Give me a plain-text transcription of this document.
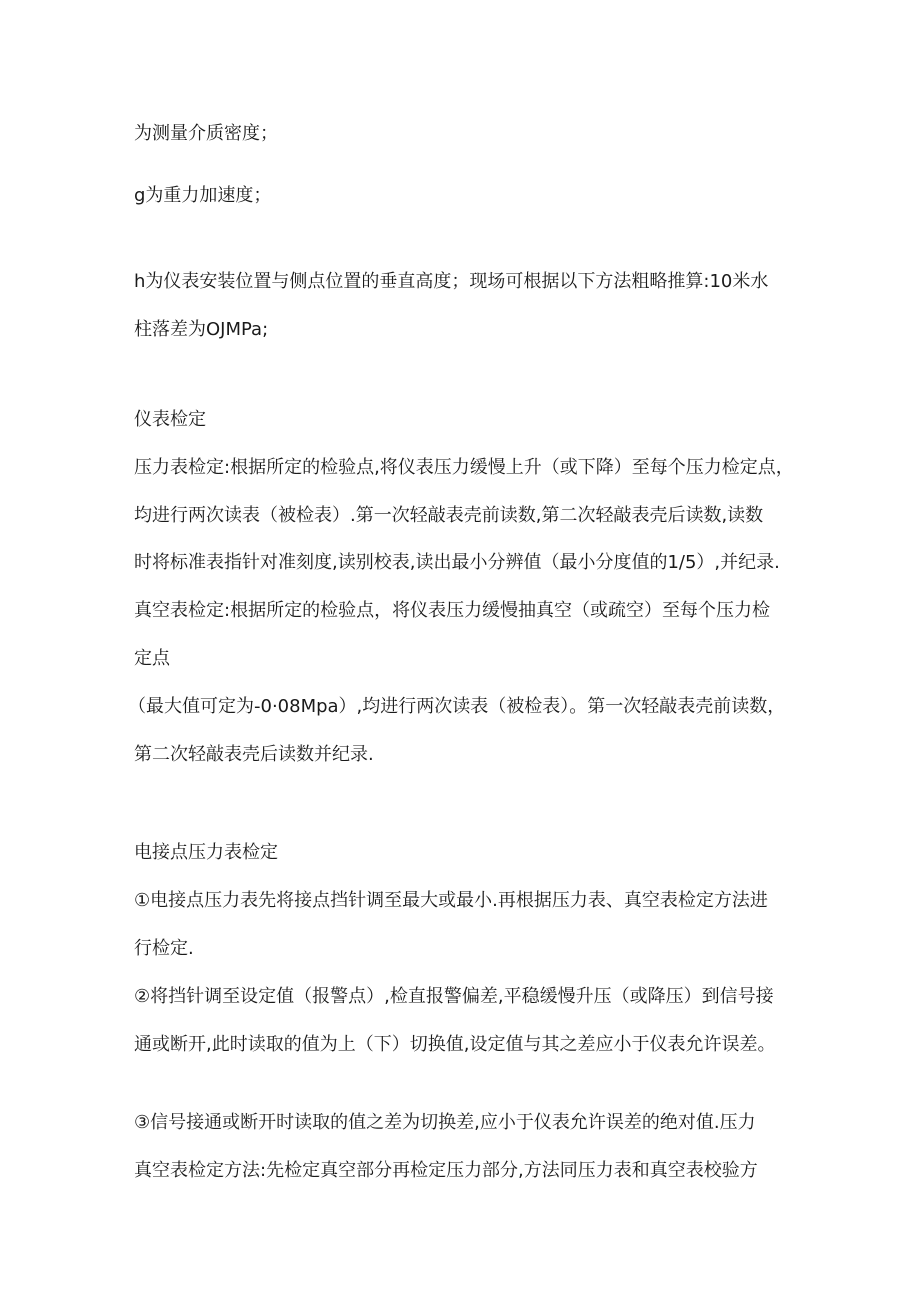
为测量介质密度；
g为重力加速度；
h为仪表安装位置与侧点位置的垂直高度；现场可根据以下方法粗略推算:10米水
柱落差为OJMPa;
仪表检定
压力表检定:根据所定的检验点,将仪表压力缓慢上升（或下降）至每个压力检定点，
均进行两次读表（被检表）.第一次轻敲表壳前读数,第二次轻敲表壳后读数,读数
时将标准表指针对准刻度,读别校表,读出最小分辨值（最小分度值的1/5）,并纪录.
真空表检定:根据所定的检验点，将仪表压力缓慢抽真空（或疏空）至每个压力检
定点
（最大值可定为-0·08Mpa）,均进行两次读表（被检表）。第一次轻敲表壳前读数，
第二次轻敲表壳后读数并纪录.
电接点压力表检定
①电接点压力表先将接点挡针调至最大或最小.再根据压力表、真空表检定方法进
行检定.
②将挡针调至设定值（报警点）,检直报警偏差,平稳缓慢升压（或降压）到信号接
通或断开,此时读取的值为上（下）切换值,设定值与其之差应小于仪表允许误差。
③信号接通或断开时读取的值之差为切换差,应小于仪表允许误差的绝对值.压力
真空表检定方法:先检定真空部分再检定压力部分,方法同压力表和真空表校验方
